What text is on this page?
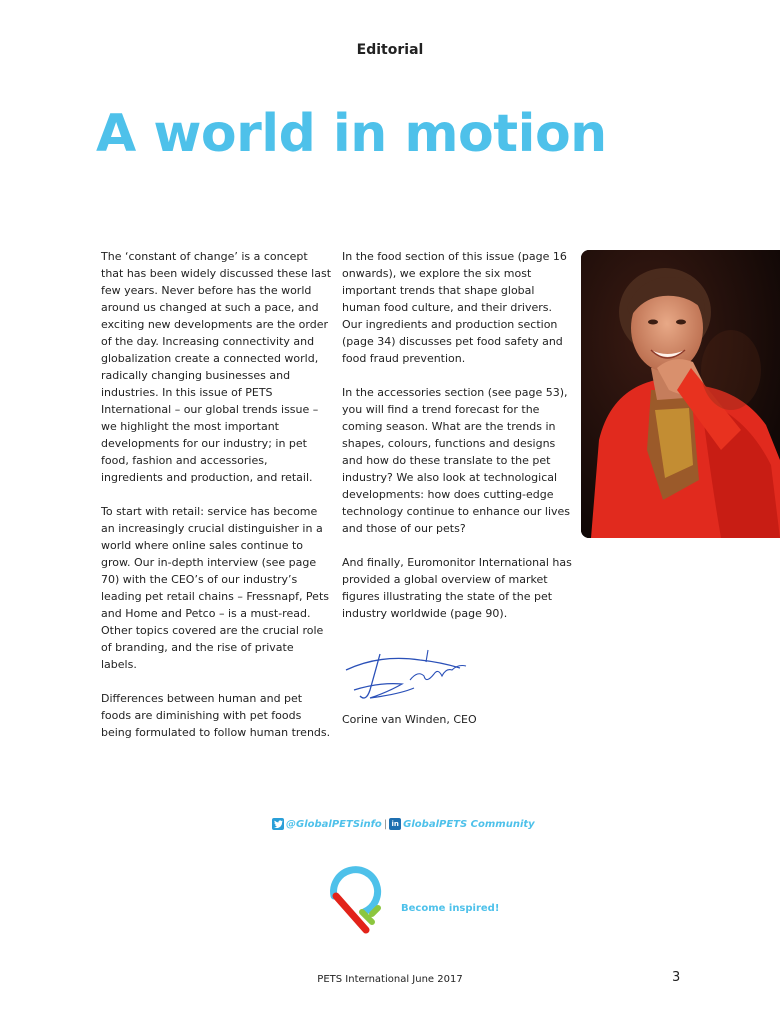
Editorial
A world in motion

The ‘constant of change’ is a concept that has been widely discussed these last few years. Never before has the world around us changed at such a pace, and exciting new developments are the order of the day. Increasing connectivity and globalization create a connected world, radically changing businesses and industries. In this issue of PETS International – our global trends issue – we highlight the most important developments for our industry; in pet food, fashion and accessories, ingredients and production, and retail.

To start with retail: service has become an increasingly crucial distinguisher in a world where online sales continue to grow. Our in-depth interview (see page 70) with the CEO’s of our industry’s leading pet retail chains – Fressnapf, Pets and Home and Petco – is a must-read. Other topics covered are the crucial role of branding, and the rise of private labels.

Differences between human and pet foods are diminishing with pet foods being formulated to follow human trends.

In the food section of this issue (page 16 onwards), we explore the six most important trends that shape global human food culture, and their drivers. Our ingredients and production section (page 34) discusses pet food safety and food fraud prevention.

In the accessories section (see page 53), you will find a trend forecast for the coming season. What are the trends in shapes, colours, functions and designs and how do these translate to the pet industry? We also look at technological developments: how does cutting-edge technology continue to enhance our lives and those of our pets?

And finally, Euromonitor International has provided a global overview of market figures illustrating the state of the pet industry worldwide (page 90).

Corine van Winden, CEO
@GlobalPETSinfo | in GlobalPETS Community
Become inspired!
PETS International June 2017	3
